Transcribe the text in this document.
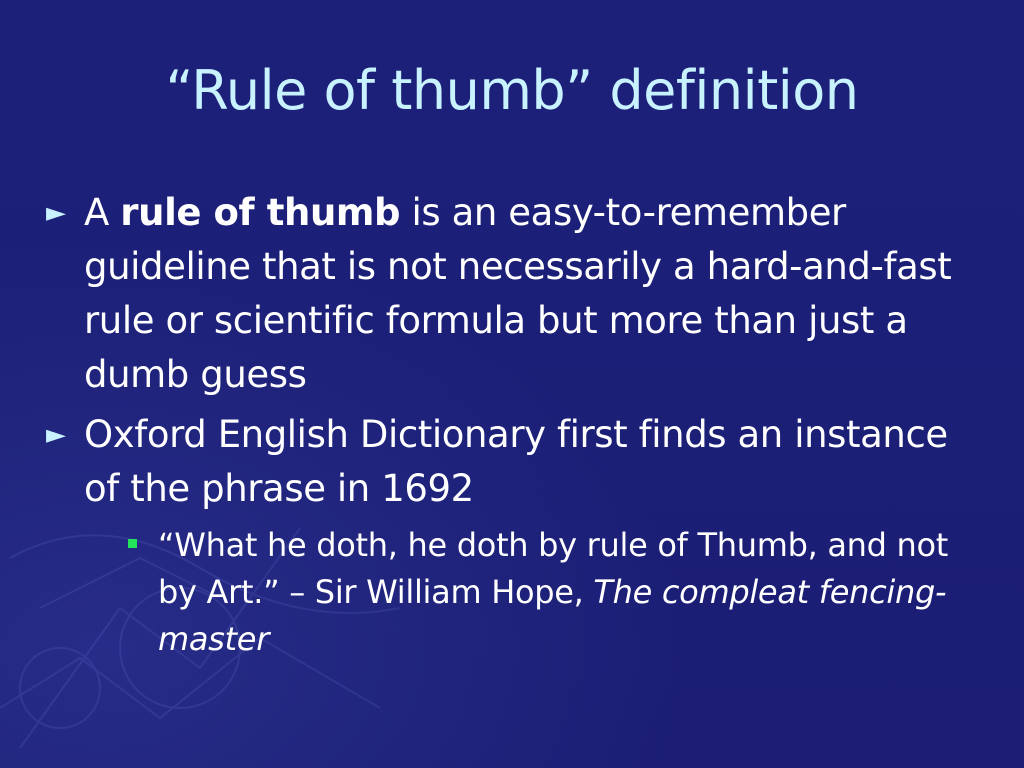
“Rule of thumb” definition
► A rule of thumb is an easy-to-remember guideline that is not necessarily a hard-and-fast rule or scientific formula but more than just a dumb guess
► Oxford English Dictionary first finds an instance of the phrase in 1692
“What he doth, he doth by rule of Thumb, and not by Art.” – Sir William Hope, The compleat fencing-master
